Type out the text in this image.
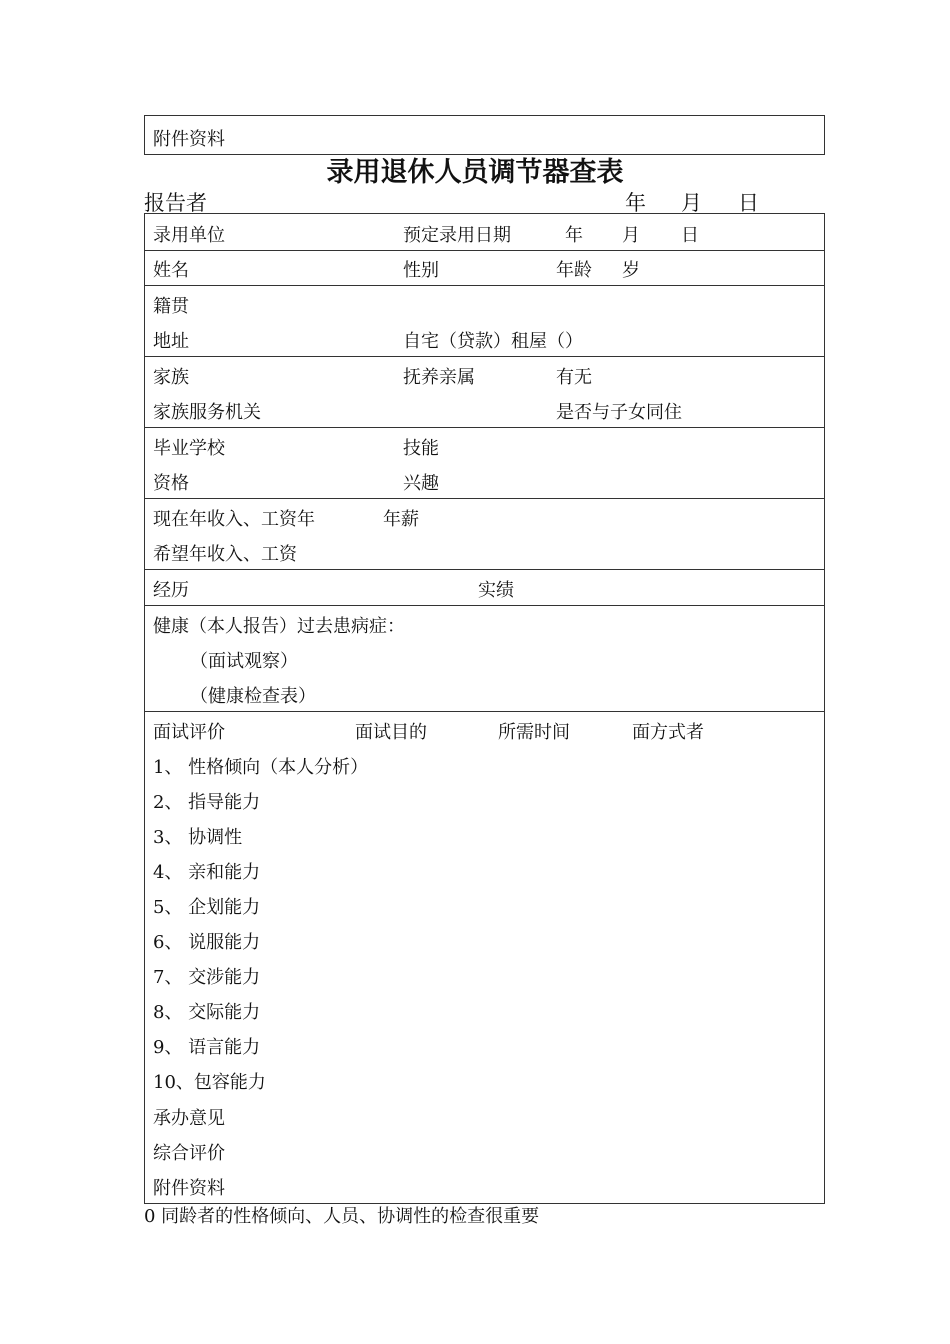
附件资料
录用退休人员调节器查表
报告者	年 月 日
录用单位	预定录用日期	年 月 日
姓名	性别	年龄 岁
籍贯
地址	自宅（贷款）租屋（）
家族	抚养亲属	有无
家族服务机关	是否与子女同住
毕业学校	技能
资格	兴趣
现在年收入、工资年	年薪
希望年收入、工资
经历	实绩
健康（本人报告）过去患病症：
（面试观察）
（健康检查表）
面试评价	面试目的	所需时间	面方式者
1、 性格倾向（本人分析）
2、 指导能力
3、 协调性
4、 亲和能力
5、 企划能力
6、 说服能力
7、 交涉能力
8、 交际能力
9、 语言能力
10、包容能力
承办意见
综合评价
附件资料
0 同龄者的性格倾向、人员、协调性的检查很重要
